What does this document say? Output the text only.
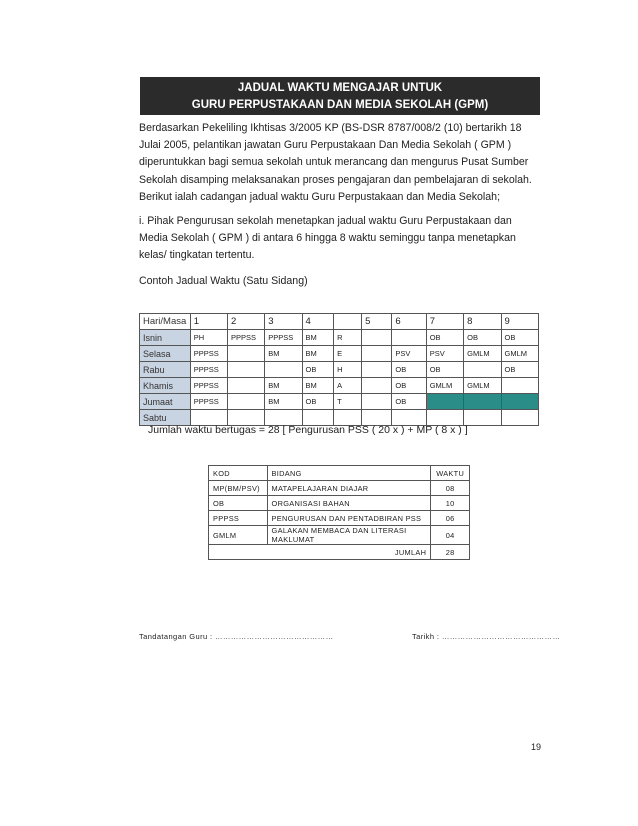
JADUAL WAKTU MENGAJAR UNTUK
GURU PERPUSTAKAAN DAN MEDIA SEKOLAH (GPM)

Berdasarkan Pekeliling Ikhtisas 3/2005 KP (BS-DSR 8787/008/2 (10) bertarikh 18 Julai 2005, pelantikan jawatan Guru Perpustakaan Dan Media Sekolah ( GPM ) diperuntukkan bagi semua sekolah untuk merancang dan mengurus Pusat Sumber Sekolah disamping melaksanakan proses pengajaran dan pembelajaran di sekolah. Berikut ialah cadangan jadual waktu Guru Perpustakaan dan Media Sekolah;

i. Pihak Pengurusan sekolah menetapkan jadual waktu Guru Perpustakaan dan Media Sekolah ( GPM ) di antara 6 hingga 8 waktu seminggu tanpa menetapkan kelas/ tingkatan tertentu.

Contoh Jadual Waktu (Satu Sidang)

Hari/Masa	1	2	3	4		5	6	7	8	9
Isnin	PH	PPPSS	PPPSS	BM	R			OB	OB	OB
Selasa	PPPSS		BM	BM	E		PSV	PSV	GMLM	GMLM
Rabu	PPPSS			OB	H		OB	OB		OB
Khamis	PPPSS		BM	BM	A		OB	GMLM	GMLM	
Jumaat	PPPSS		BM	OB	T		OB			
Sabtu										
Jumlah waktu bertugas = 28 [ Pengurusan PSS ( 20 x ) + MP ( 8 x ) ]
KOD	BIDANG	WAKTU
MP(BM/PSV)	MATAPELAJARAN DIAJAR	08
OB	ORGANISASI BAHAN	10
PPPSS	PENGURUSAN DAN PENTADBIRAN PSS	06
GMLM	GALAKAN MEMBACA DAN LITERASI MAKLUMAT	04
JUMLAH		28
Tandatangan Guru : ………………………………………	Tarikh : ………………………………………
19
